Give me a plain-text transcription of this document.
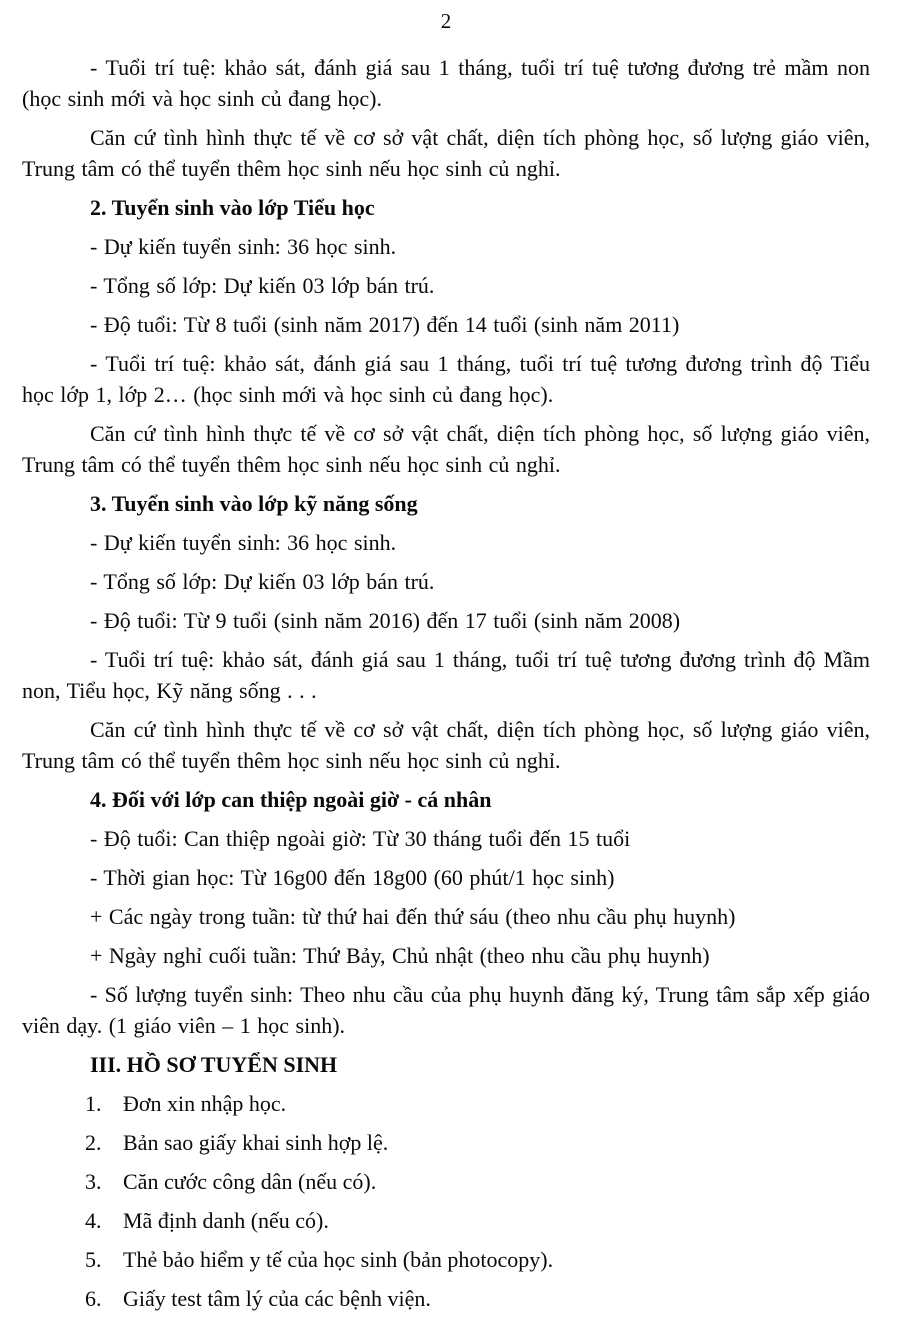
2
- Tuổi trí tuệ: khảo sát, đánh giá sau 1 tháng, tuổi trí tuệ tương đương trẻ mầm non (học sinh mới và học sinh củ đang học).
Căn cứ tình hình thực tế về cơ sở vật chất, diện tích phòng học, số lượng giáo viên, Trung tâm có thể tuyển thêm học sinh nếu học sinh củ nghỉ.
2. Tuyển sinh vào lớp Tiểu học
- Dự kiến tuyển sinh: 36 học sinh.
- Tổng số lớp: Dự kiến 03 lớp bán trú.
- Độ tuổi: Từ 8 tuổi (sinh năm 2017) đến 14 tuổi (sinh năm 2011)
- Tuổi trí tuệ: khảo sát, đánh giá sau 1 tháng, tuổi trí tuệ tương đương trình độ Tiểu học lớp 1, lớp 2… (học sinh mới và học sinh củ đang học).
Căn cứ tình hình thực tế về cơ sở vật chất, diện tích phòng học, số lượng giáo viên, Trung tâm có thể tuyển thêm học sinh nếu học sinh củ nghỉ.
3. Tuyển sinh vào lớp kỹ năng sống
- Dự kiến tuyển sinh: 36 học sinh.
- Tổng số lớp: Dự kiến 03 lớp bán trú.
- Độ tuổi: Từ 9 tuổi (sinh năm 2016) đến 17 tuổi (sinh năm 2008)
- Tuổi trí tuệ: khảo sát, đánh giá sau 1 tháng, tuổi trí tuệ tương đương trình độ Mầm non, Tiểu học, Kỹ năng sống . . .
Căn cứ tình hình thực tế về cơ sở vật chất, diện tích phòng học, số lượng giáo viên, Trung tâm có thể tuyển thêm học sinh nếu học sinh củ nghỉ.
4. Đối với lớp can thiệp ngoài giờ - cá nhân
- Độ tuổi: Can thiệp ngoài giờ: Từ 30 tháng tuổi đến 15 tuổi
- Thời gian học: Từ 16g00 đến 18g00 (60 phút/1 học sinh)
+ Các ngày trong tuần: từ thứ hai đến thứ sáu (theo nhu cầu phụ huynh)
+ Ngày nghỉ cuối tuần: Thứ Bảy, Chủ nhật (theo nhu cầu phụ huynh)
- Số lượng tuyển sinh: Theo nhu cầu của phụ huynh đăng ký, Trung tâm sắp xếp giáo viên dạy. (1 giáo viên – 1 học sinh).
III. HỒ SƠ TUYỂN SINH
1. Đơn xin nhập học.
2. Bản sao giấy khai sinh hợp lệ.
3. Căn cước công dân (nếu có).
4. Mã định danh (nếu có).
5. Thẻ bảo hiểm y tế của học sinh (bản photocopy).
6. Giấy test tâm lý của các bệnh viện.
